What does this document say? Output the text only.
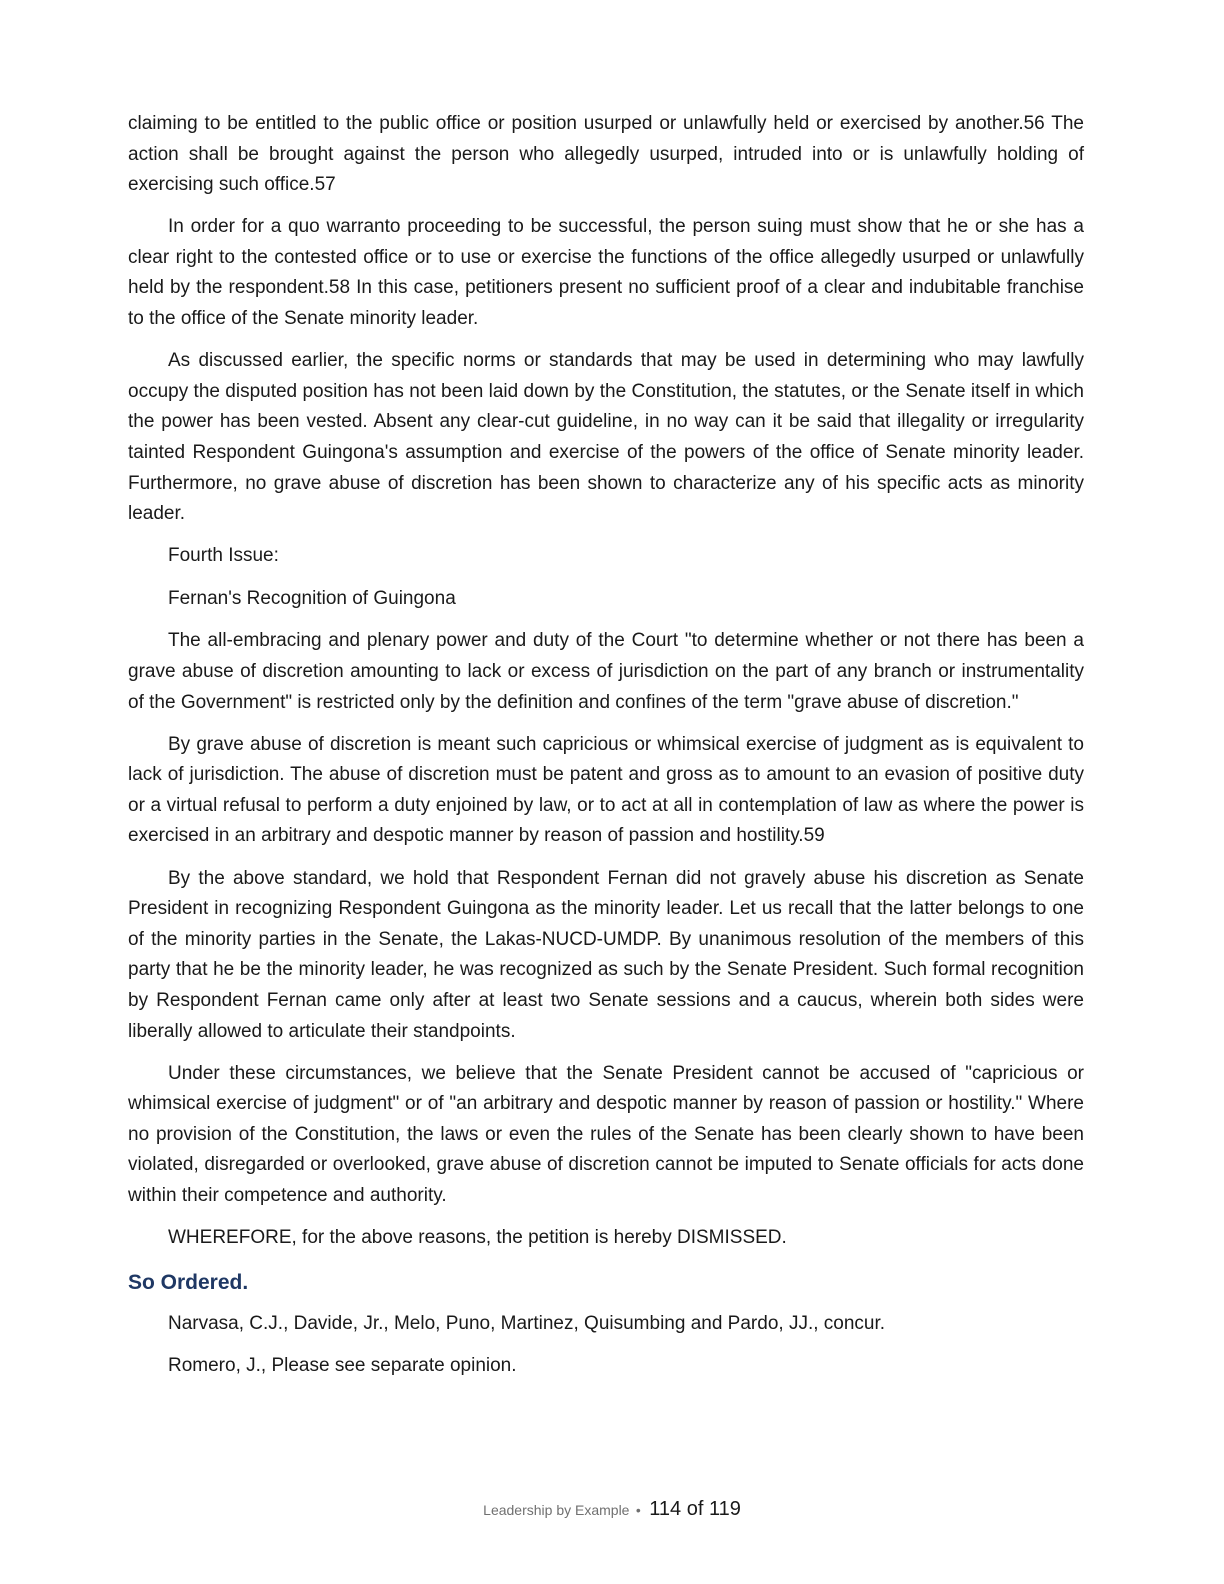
claiming to be entitled to the public office or position usurped or unlawfully held or exercised by another.56 The action shall be brought against the person who allegedly usurped, intruded into or is unlawfully holding of exercising such office.57

In order for a quo warranto proceeding to be successful, the person suing must show that he or she has a clear right to the contested office or to use or exercise the functions of the office allegedly usurped or unlawfully held by the respondent.58 In this case, petitioners present no sufficient proof of a clear and indubitable franchise to the office of the Senate minority leader.

As discussed earlier, the specific norms or standards that may be used in determining who may lawfully occupy the disputed position has not been laid down by the Constitution, the statutes, or the Senate itself in which the power has been vested. Absent any clear-cut guideline, in no way can it be said that illegality or irregularity tainted Respondent Guingona's assumption and exercise of the powers of the office of Senate minority leader. Furthermore, no grave abuse of discretion has been shown to characterize any of his specific acts as minority leader.

Fourth Issue:

Fernan's Recognition of Guingona

The all-embracing and plenary power and duty of the Court "to determine whether or not there has been a grave abuse of discretion amounting to lack or excess of jurisdiction on the part of any branch or instrumentality of the Government" is restricted only by the definition and confines of the term "grave abuse of discretion."

By grave abuse of discretion is meant such capricious or whimsical exercise of judgment as is equivalent to lack of jurisdiction. The abuse of discretion must be patent and gross as to amount to an evasion of positive duty or a virtual refusal to perform a duty enjoined by law, or to act at all in contemplation of law as where the power is exercised in an arbitrary and despotic manner by reason of passion and hostility.59

By the above standard, we hold that Respondent Fernan did not gravely abuse his discretion as Senate President in recognizing Respondent Guingona as the minority leader. Let us recall that the latter belongs to one of the minority parties in the Senate, the Lakas-NUCD-UMDP. By unanimous resolution of the members of this party that he be the minority leader, he was recognized as such by the Senate President. Such formal recognition by Respondent Fernan came only after at least two Senate sessions and a caucus, wherein both sides were liberally allowed to articulate their standpoints.

Under these circumstances, we believe that the Senate President cannot be accused of "capricious or whimsical exercise of judgment" or of "an arbitrary and despotic manner by reason of passion or hostility." Where no provision of the Constitution, the laws or even the rules of the Senate has been clearly shown to have been violated, disregarded or overlooked, grave abuse of discretion cannot be imputed to Senate officials for acts done within their competence and authority.

WHEREFORE, for the above reasons, the petition is hereby DISMISSED.

So Ordered.

Narvasa, C.J., Davide, Jr., Melo, Puno, Martinez, Quisumbing and Pardo, JJ., concur.

Romero, J., Please see separate opinion.

Leadership by Example • 114 of 119
